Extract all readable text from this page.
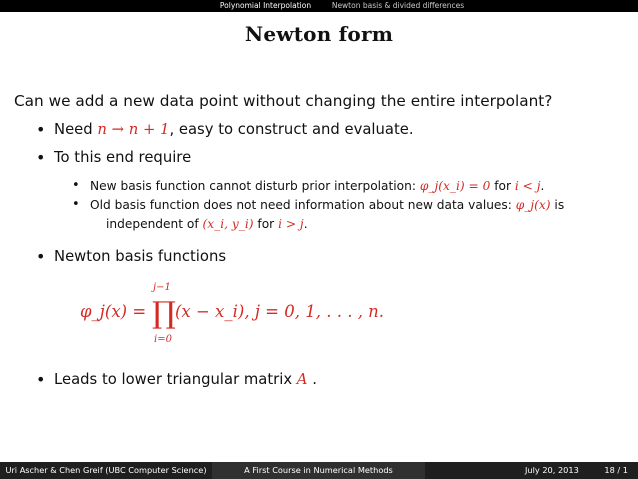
Polynomial Interpolation	Newton basis & divided differences
Newton form
Can we add a new data point without changing the entire interpolant?
• Need n → n + 1, easy to construct and evaluate.
• To this end require
• New basis function cannot disturb prior interpolation: φ_j(x_i) = 0 for i < j.
• Old basis function does not need information about new data values: φ_j(x) is
independent of (x_i, y_i) for i > j.
• Newton basis functions
φ_j(x) =
j−1
∏
i=0
(x − x_i), j = 0, 1, . . . , n.
• Leads to lower triangular matrix A .
Uri Ascher & Chen Greif (UBC Computer Science)	A First Course in Numerical Methods	July 20, 2013	18 / 1
